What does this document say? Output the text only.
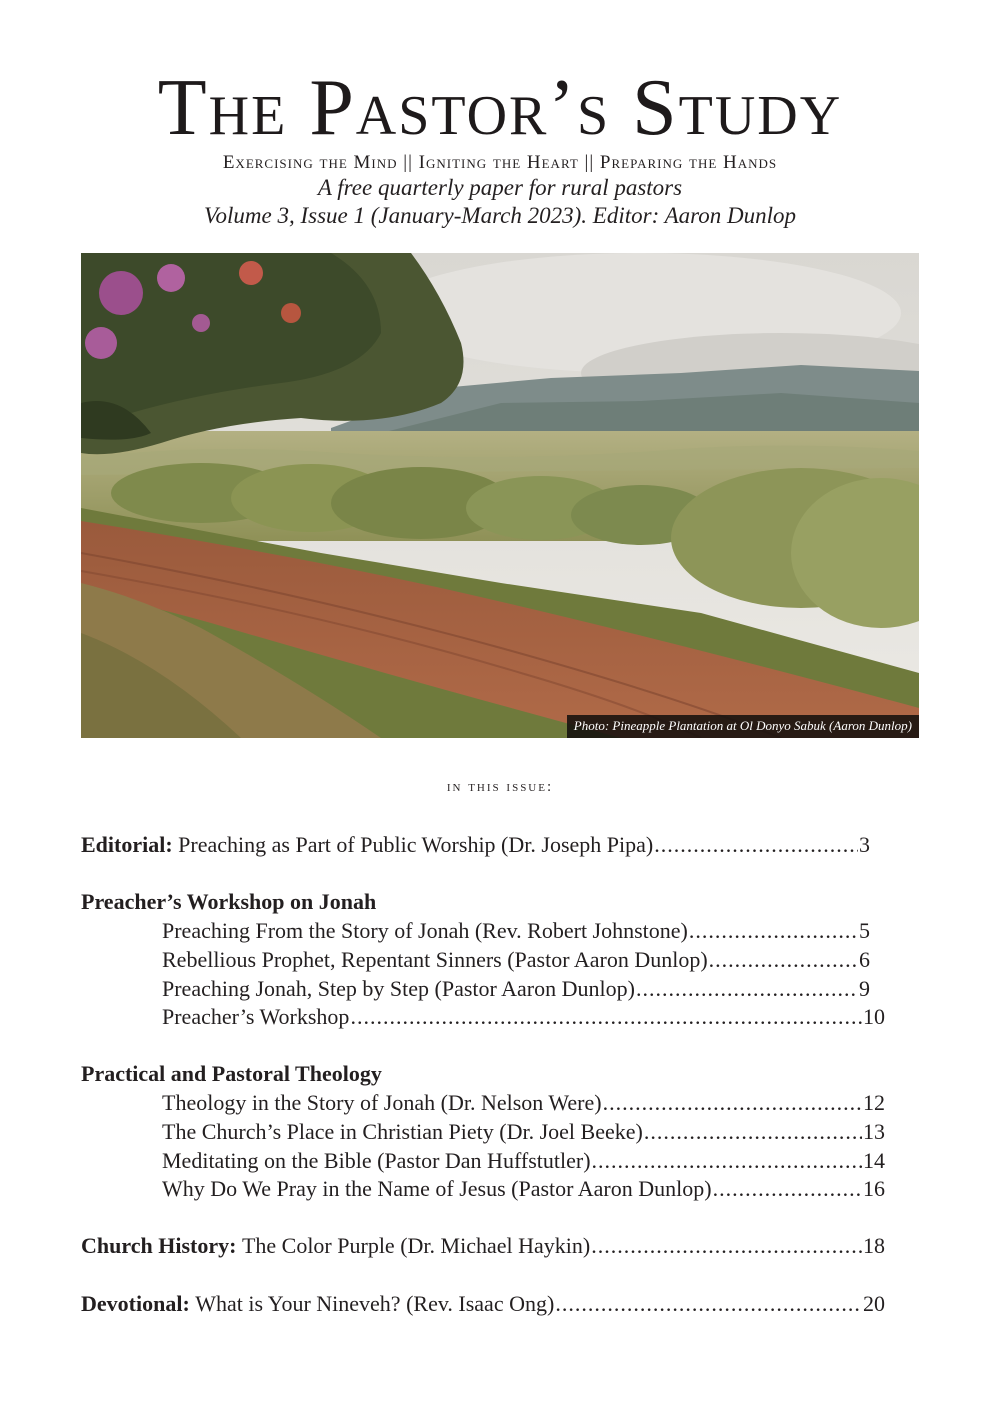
The Pastor’s Study
Exercising the Mind || Igniting the Heart || Preparing the Hands
A free quarterly paper for rural pastors
Volume 3, Issue 1 (January-March 2023). Editor: Aaron Dunlop
Photo: Pineapple Plantation at Ol Donyo Sabuk (Aaron Dunlop)
in this issue:
Editorial: Preaching as Part of Public Worship (Dr. Joseph Pipa) .....	3
Preacher’s Workshop on Jonah
Preaching From the Story of Jonah (Rev. Robert Johnstone) .....	5
Rebellious Prophet, Repentant Sinners (Pastor Aaron Dunlop) .....	6
Preaching Jonah, Step by Step (Pastor Aaron Dunlop) .....	9
Preacher’s Workshop .....	10
Practical and Pastoral Theology
Theology in the Story of Jonah (Dr. Nelson Were) .....	12
The Church’s Place in Christian Piety (Dr. Joel Beeke) .....	13
Meditating on the Bible (Pastor Dan Huffstutler) .....	14
Why Do We Pray in the Name of Jesus (Pastor Aaron Dunlop) .....	16
Church History: The Color Purple (Dr. Michael Haykin) .....	18
Devotional: What is Your Nineveh? (Rev. Isaac Ong) .....	20
